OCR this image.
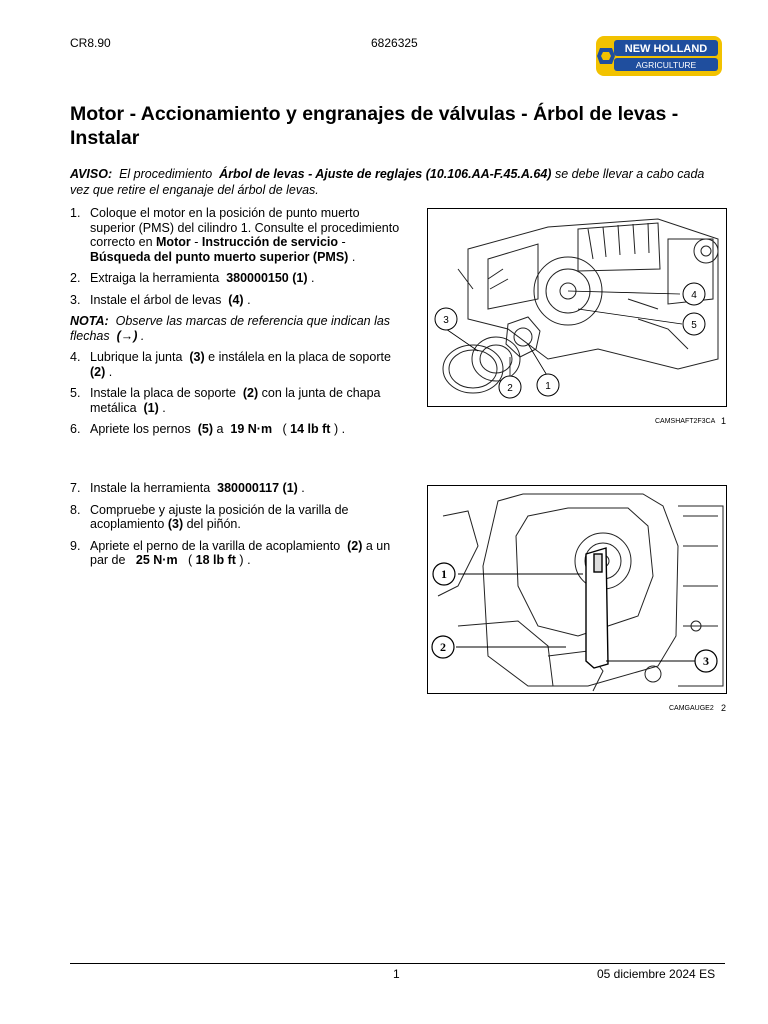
CR8.90	6826325	NEW HOLLAND
AGRICULTURE
Motor - Accionamiento y engranajes de válvulas - Árbol de levas - Instalar
AVISO: El procedimiento Árbol de levas - Ajuste de reglajes (10.106.AA-F.45.A.64) se debe llevar a cabo cada vez que retire el enganaje del árbol de levas.
1. Coloque el motor en la posición de punto muerto superior (PMS) del cilindro 1. Consulte el procedimiento correcto en Motor - Instrucción de servicio - Búsqueda del punto muerto superior (PMS) .
2. Extraiga la herramienta 380000150 (1) .
3. Instale el árbol de levas (4) .
NOTA: Observe las marcas de referencia que indican las flechas (→) .
4. Lubrique la junta (3) e instálela en la placa de soporte (2) .
5. Instale la placa de soporte (2) con la junta de chapa metálica (1) .
6. Apriete los pernos (5) a 19 N·m ( 14 lb ft ) .
7. Instale la herramienta 380000117 (1) .
8. Compruebe y ajuste la posición de la varilla de acoplamiento (3) del piñón.
9. Apriete el perno de la varilla de acoplamiento (2) a un par de 25 N·m ( 18 lb ft ) .
4
5
3
2	1
CAMSHAFT2F3CA 1
1
2
3
CAMGAUGE2 2
1	05 diciembre 2024 ES
